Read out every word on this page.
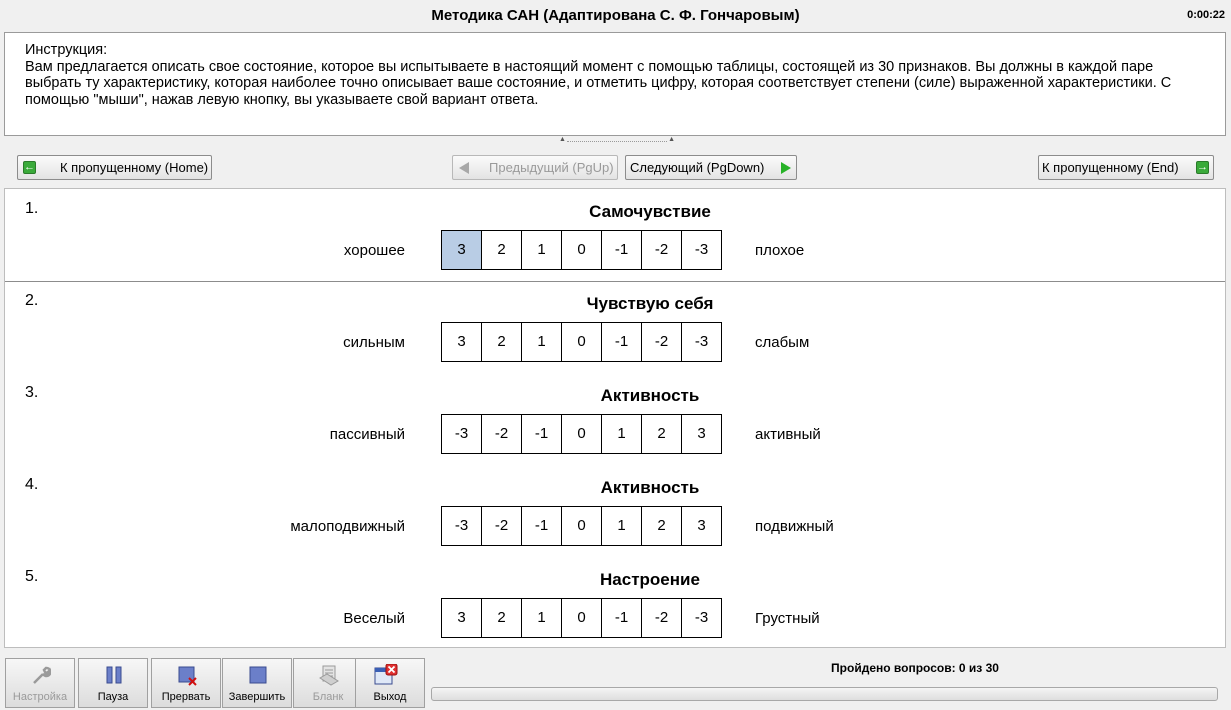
Методика САН (Адаптирована С. Ф. Гончаровым)	0:00:22
Инструкция:
Вам предлагается описать свое состояние, которое вы испытываете в настоящий момент с помощью таблицы, состоящей из 30 признаков. Вы должны в каждой паре выбрать ту характеристику, которая наиболее точно описывает ваше состояние, и отметить цифру, которая соответствует степени (силе) выраженной характеристики. С помощью "мыши", нажав левую кнопку, вы указываете свой вариант ответа.
▲	▲
←
К пропущенному (Home)	Предыдущий (PgUp) Следующий (PgDown)	К пропущенному (End)
→
1.	Самочувствие
хорошее	3	2	1	0	-1	-2	-3	плохое
2.	Чувствую себя
сильным	3	2	1	0	-1	-2	-3	слабым
3.	Активность
пассивный	-3	-2	-1	0	1	2	3	активный
4.	Активность
малоподвижный	-3	-2	-1	0	1	2	3	подвижный
5.	Настроение
Веселый	3	2	1	0	-1	-2	-3	Грустный
Настройка	Пауза	Прервать	Завершить	Бланк	Выход
Пройдено вопросов: 0 из 30
